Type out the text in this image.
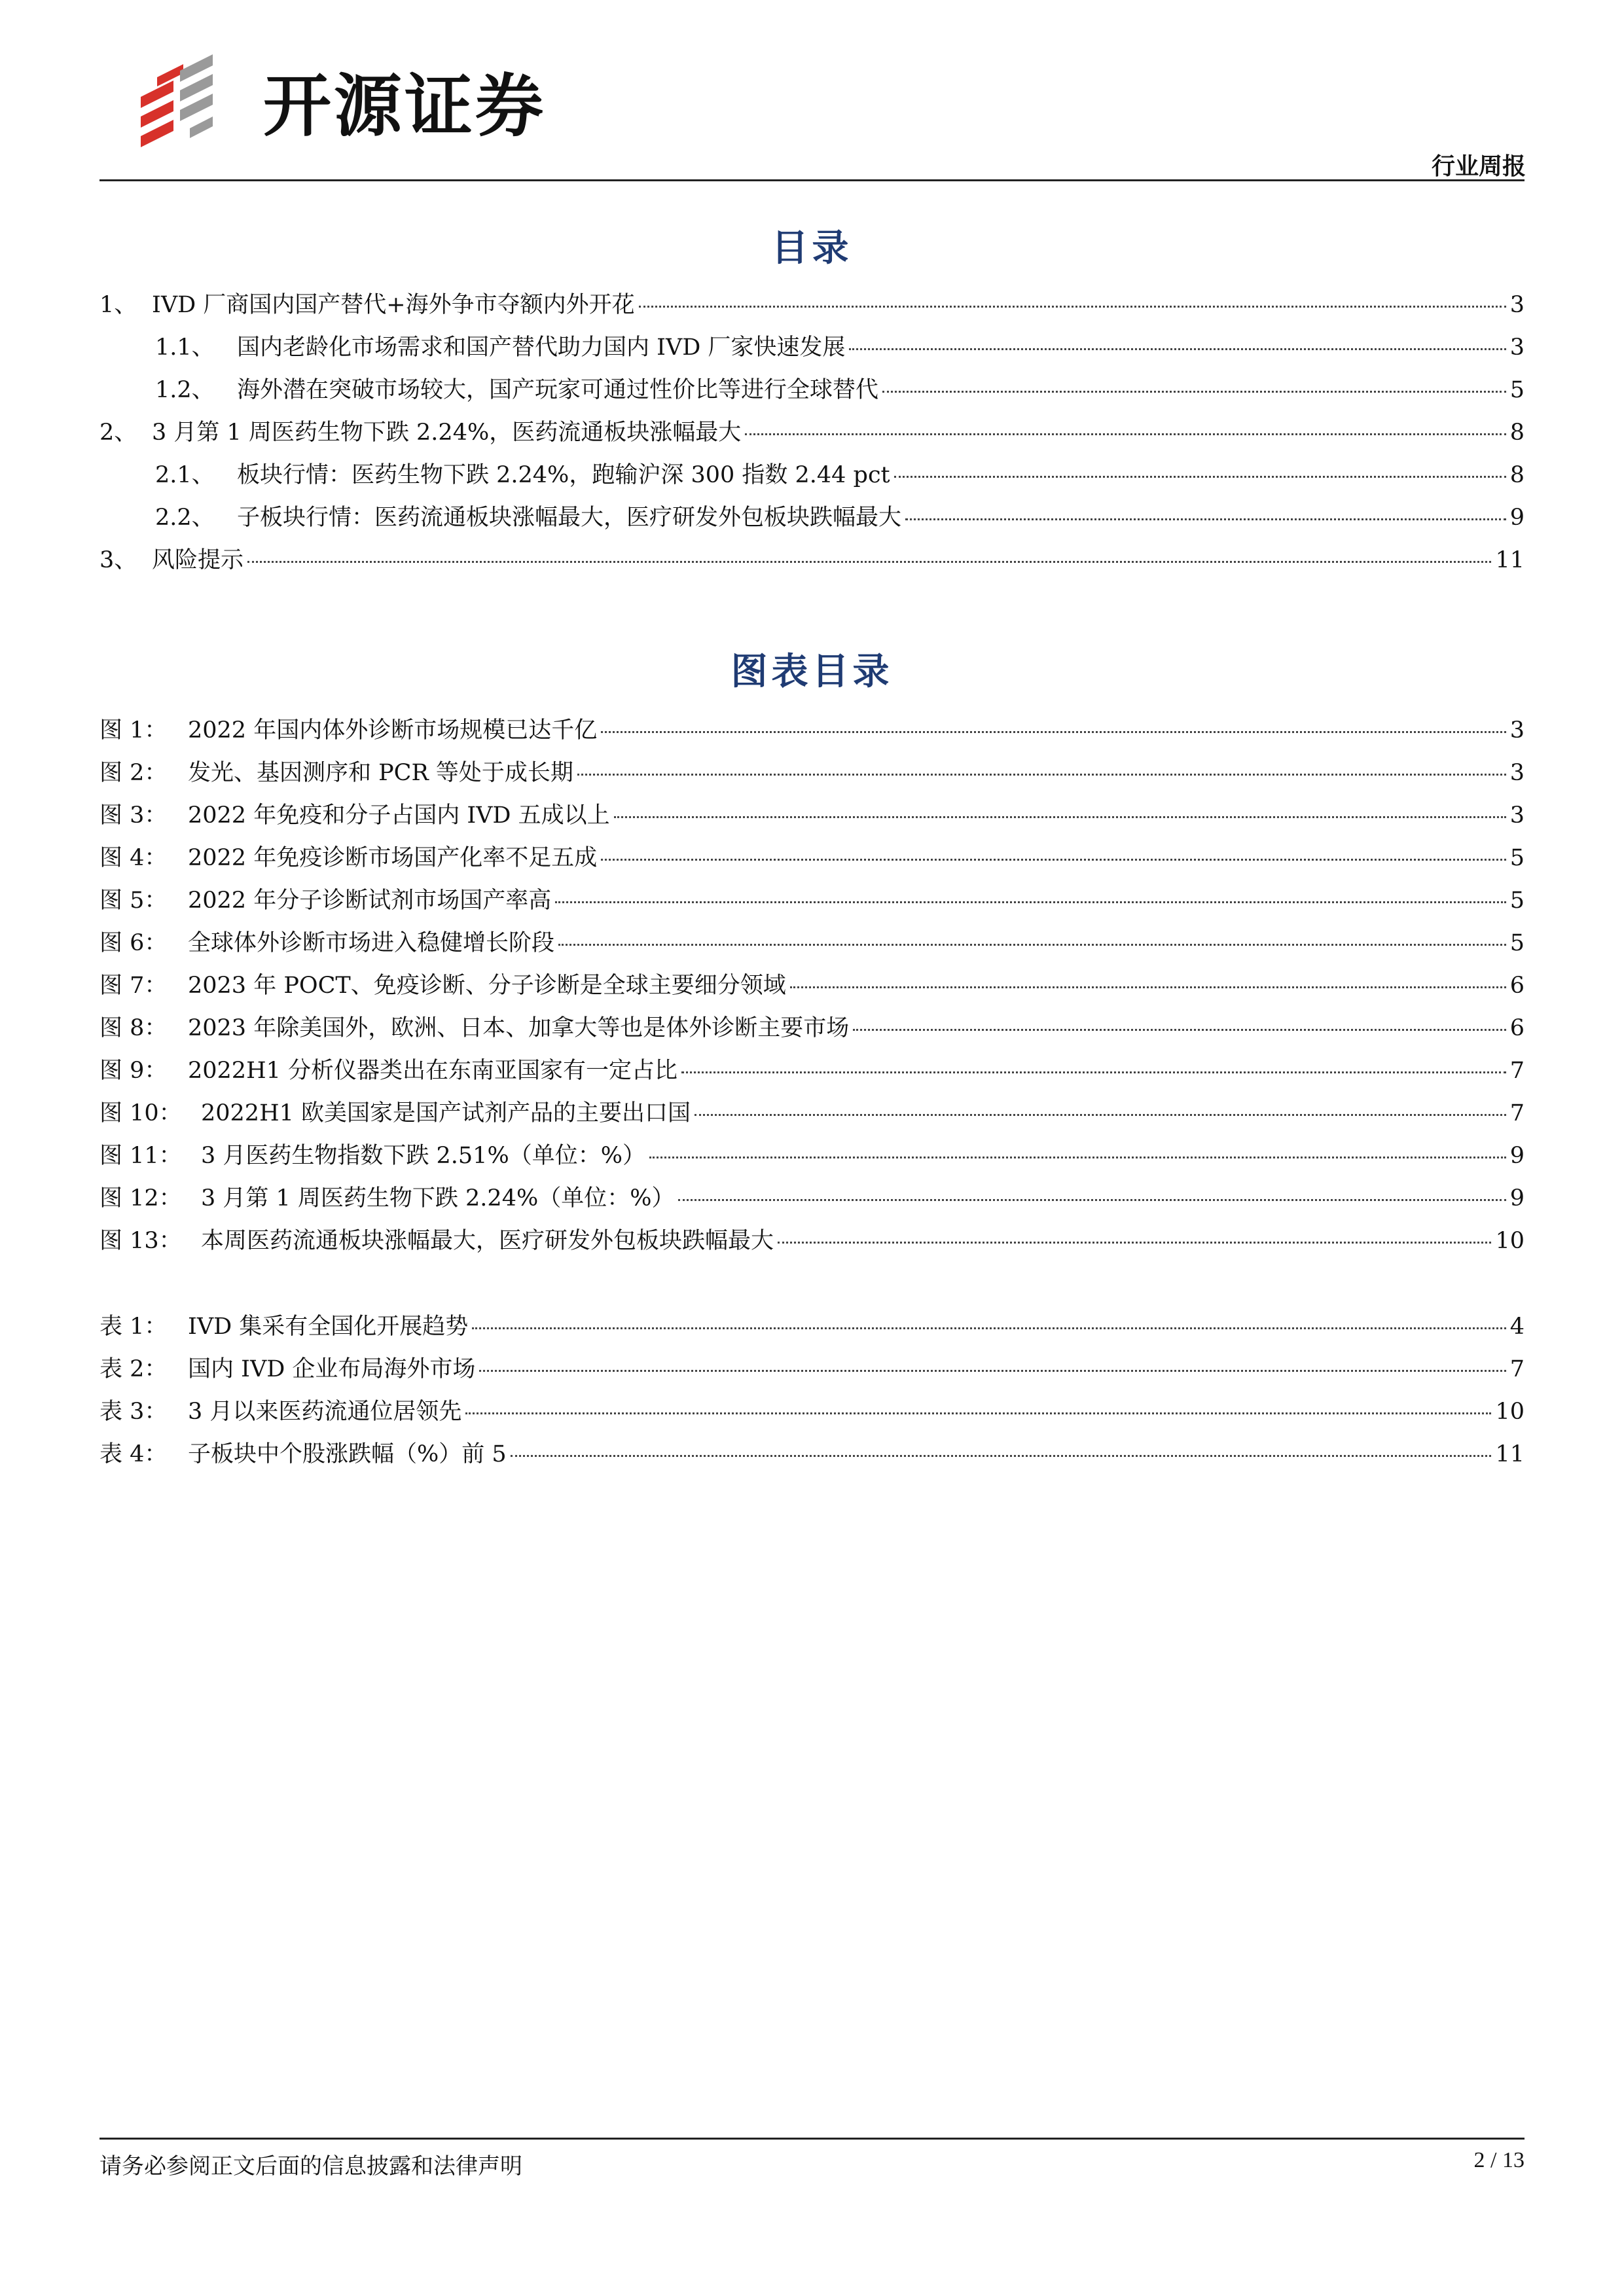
开源证券
行业周报
目录
1、 IVD 厂商国内国产替代+海外争市夺额内外开花	3
1.1、 国内老龄化市场需求和国产替代助力国内 IVD 厂家快速发展	3
1.2、 海外潜在突破市场较大，国产玩家可通过性价比等进行全球替代	5
2、 3 月第 1 周医药生物下跌 2.24%，医药流通板块涨幅最大	8
2.1、 板块行情：医药生物下跌 2.24%，跑输沪深 300 指数 2.44 pct	8
2.2、 子板块行情：医药流通板块涨幅最大，医疗研发外包板块跌幅最大	9
3、 风险提示	11
图表目录
图 1： 2022 年国内体外诊断市场规模已达千亿	3
图 2： 发光、基因测序和 PCR 等处于成长期	3
图 3： 2022 年免疫和分子占国内 IVD 五成以上	3
图 4： 2022 年免疫诊断市场国产化率不足五成	5
图 5： 2022 年分子诊断试剂市场国产率高	5
图 6： 全球体外诊断市场进入稳健增长阶段	5
图 7： 2023 年 POCT、免疫诊断、分子诊断是全球主要细分领域	6
图 8： 2023 年除美国外，欧洲、日本、加拿大等也是体外诊断主要市场	6
图 9： 2022H1 分析仪器类出在东南亚国家有一定占比	7
图 10： 2022H1 欧美国家是国产试剂产品的主要出口国	7
图 11： 3 月医药生物指数下跌 2.51%（单位：%）	9
图 12： 3 月第 1 周医药生物下跌 2.24%（单位：%）	9
图 13： 本周医药流通板块涨幅最大，医疗研发外包板块跌幅最大	10
表 1： IVD 集采有全国化开展趋势	4
表 2： 国内 IVD 企业布局海外市场	7
表 3： 3 月以来医药流通位居领先	10
表 4： 子板块中个股涨跌幅（%）前 5	11
请务必参阅正文后面的信息披露和法律声明	2 / 13
